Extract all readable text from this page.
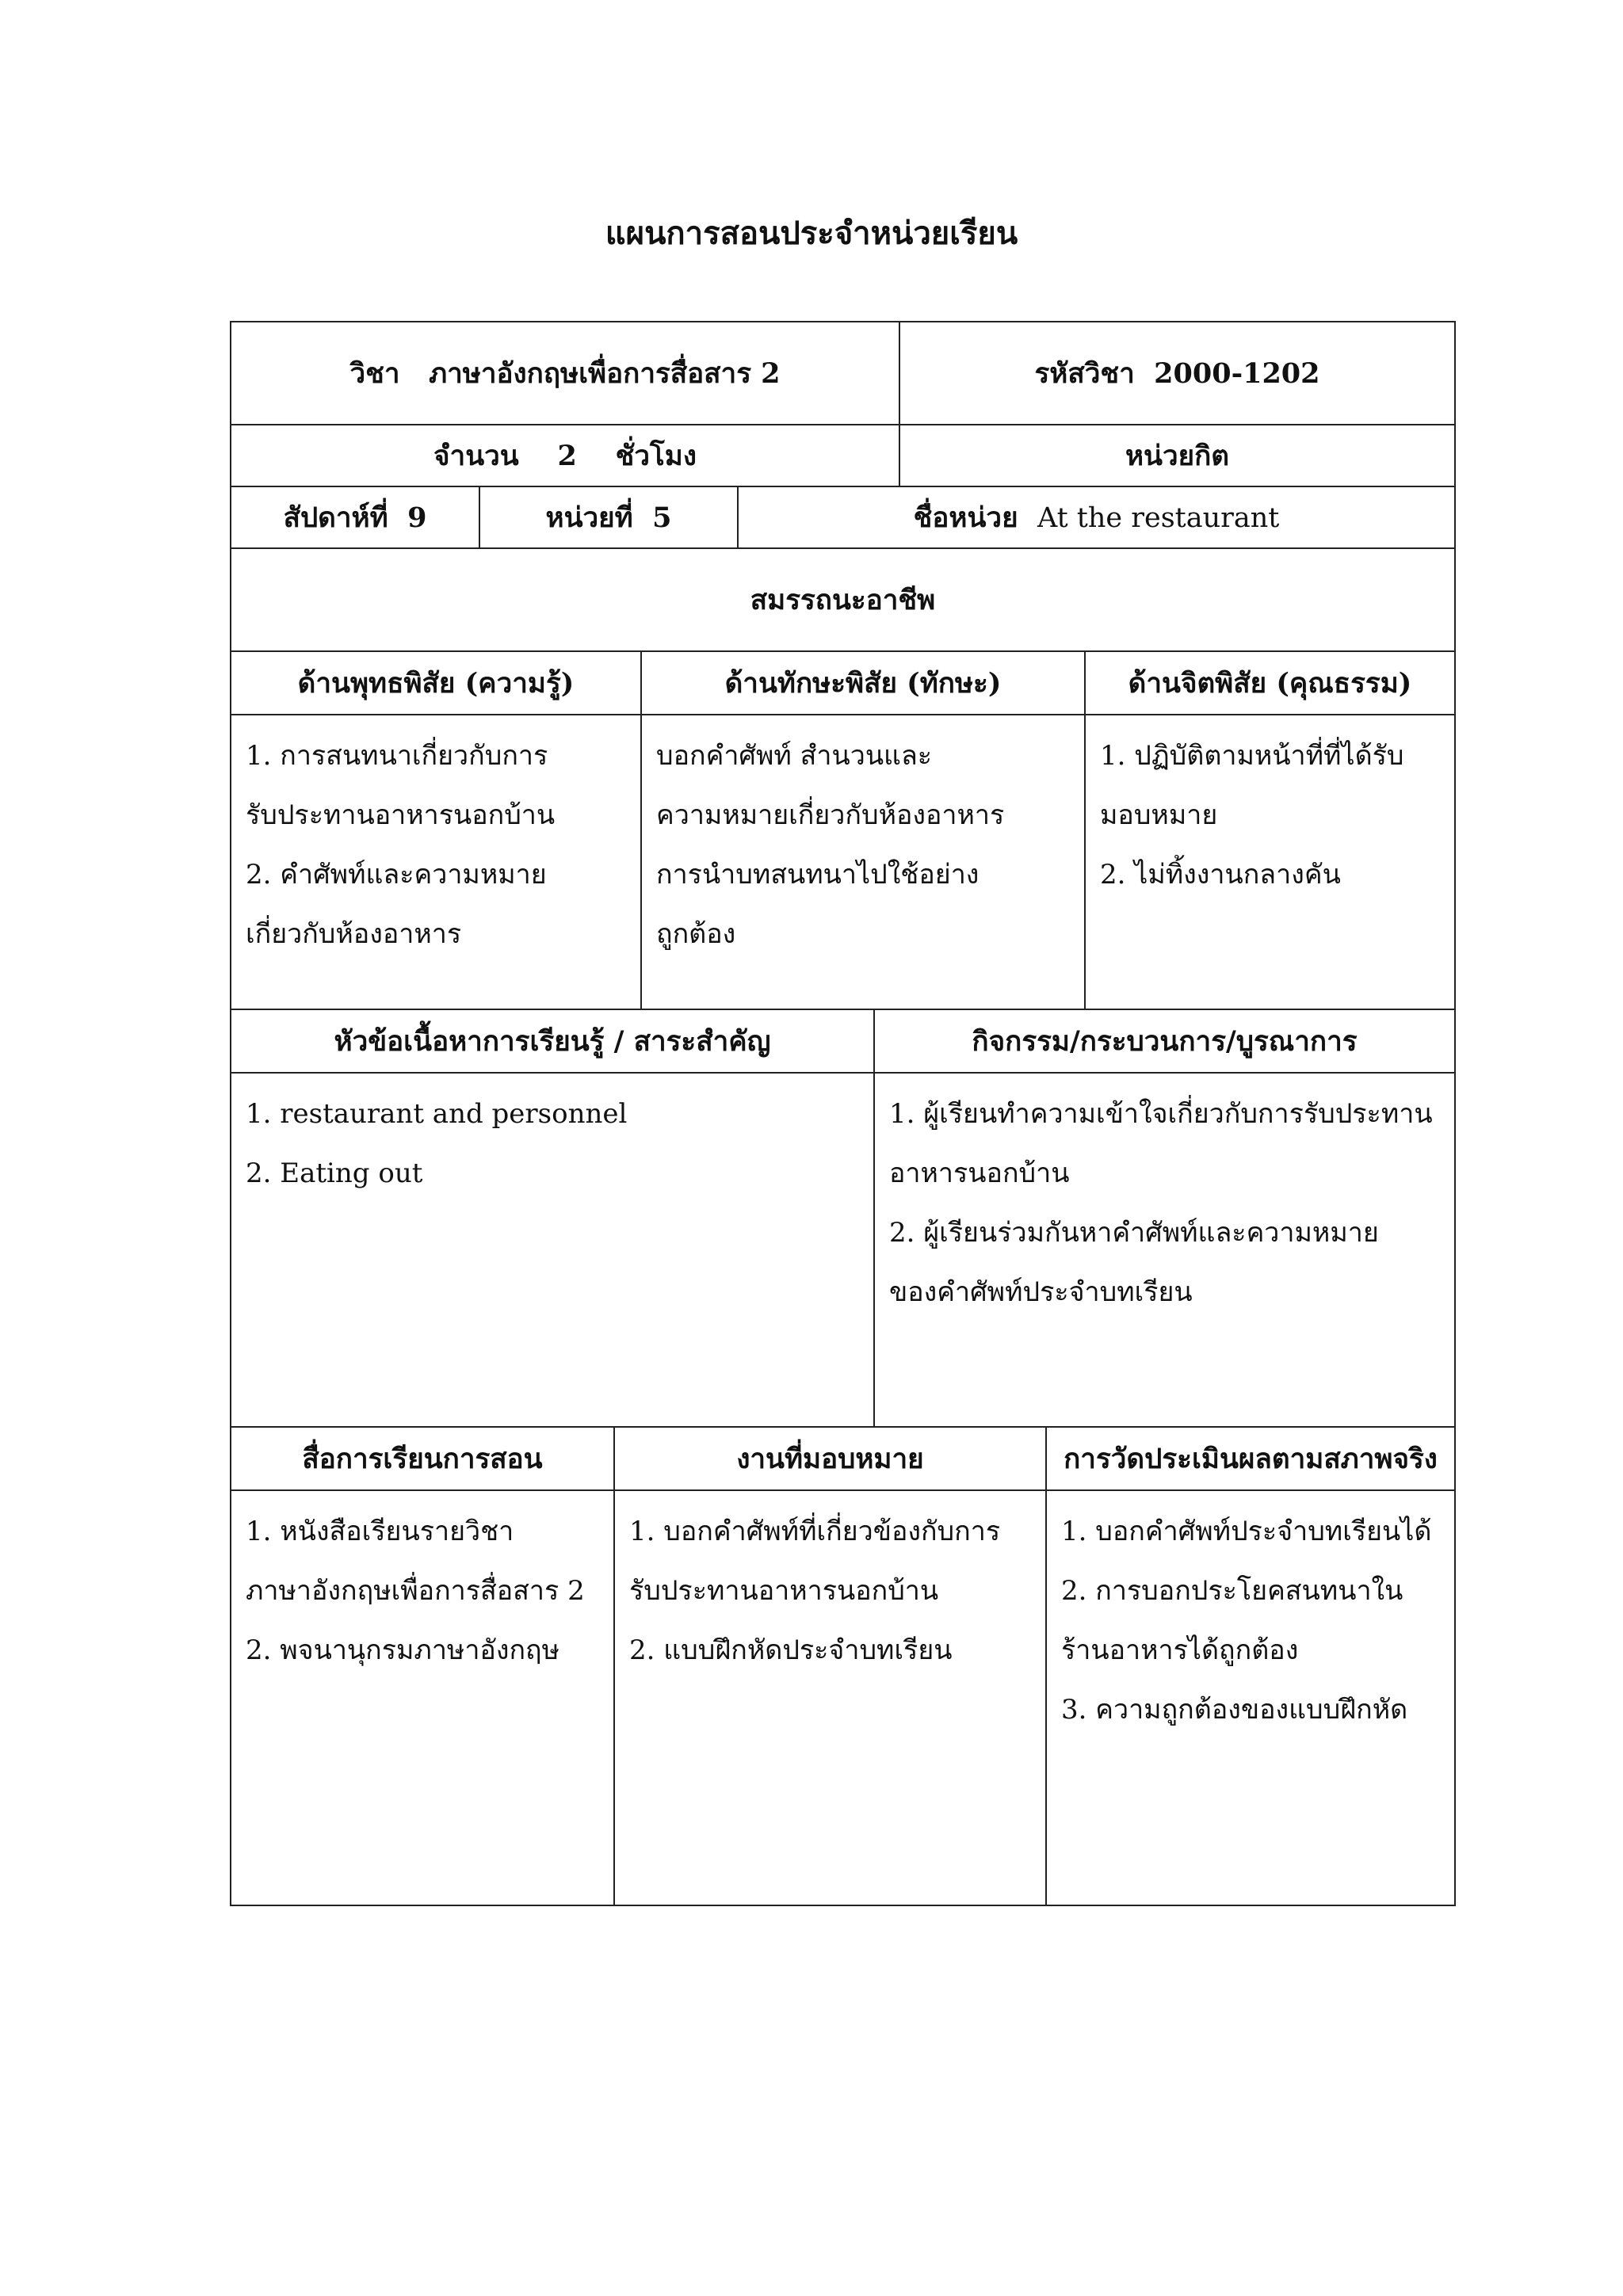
แผนการสอนประจำหน่วยเรียน
วิชา ภาษาอังกฤษเพื่อการสื่อสาร 2	รหัสวิชา 2000-1202
จำนวน 2 ชั่วโมง	หน่วยกิต
สัปดาห์ที่ 9	หน่วยที่ 5	ชื่อหน่วย At the restaurant
สมรรถนะอาชีพ		
ด้านพุทธพิสัย (ความรู้)	ด้านทักษะพิสัย (ทักษะ)	ด้านจิตพิสัย (คุณธรรม)

1. การสนทนาเกี่ยวกับการ
รับประทานอาหารนอกบ้าน
2. คำศัพท์และความหมาย
เกี่ยวกับห้องอาหาร	บอกคำศัพท์ สำนวนและ
ความหมายเกี่ยวกับห้องอาหาร
การนำบทสนทนาไปใช้อย่าง
ถูกต้อง	1. ปฏิบัติตามหน้าที่ที่ได้รับ
มอบหมาย
2. ไม่ทิ้งงานกลางคัน
หัวข้อเนื้อหาการเรียนรู้ / สาระสำคัญ	กิจกรรม/กระบวนการ/บูรณาการ

1. restaurant and personnel
2. Eating out	1. ผู้เรียนทำความเข้าใจเกี่ยวกับการรับประทาน
อาหารนอกบ้าน
2. ผู้เรียนร่วมกันหาคำศัพท์และความหมาย
ของคำศัพท์ประจำบทเรียน
สื่อการเรียนการสอน	งานที่มอบหมาย	การวัดประเมินผลตามสภาพจริง

1. หนังสือเรียนรายวิชา
ภาษาอังกฤษเพื่อการสื่อสาร 2
2. พจนานุกรมภาษาอังกฤษ	1. บอกคำศัพท์ที่เกี่ยวข้องกับการ
รับประทานอาหารนอกบ้าน
2. แบบฝึกหัดประจำบทเรียน	1. บอกคำศัพท์ประจำบทเรียนได้
2. การบอกประโยคสนทนาใน
ร้านอาหารได้ถูกต้อง
3. ความถูกต้องของแบบฝึกหัด
